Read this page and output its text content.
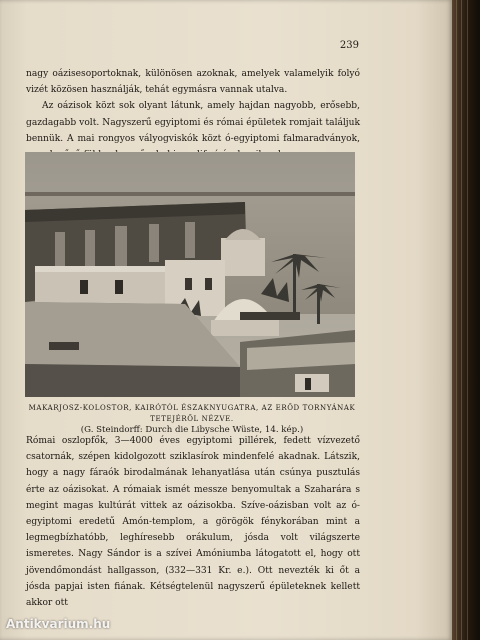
239

nagy oázisesoportoknak, különösen azoknak, amelyek valamelyik folyó vizét közösen használják, tehát egymásra vannak utalva.

Az oázisok közt sok olyant látunk, amely hajdan nagyobb, erősebb, gazdagabb volt. Nagyszerű egyiptomi és római épületek romjait találjuk bennük. A mai rongyos vályogviskók közt ó-egyiptomi falmaradványok,

MAKARJOSZ-KOLOSTOR, KAIRÓTÓL ÉSZAKNYUGATRA, AZ ERŐD TORNYÁNAK
TETEJÉRŐL NÉZVE.
(G. Steindorff: Durch die Libysche Wüste, 14. kép.)

Római oszlopfők, 3—4000 éves egyiptomi pillérek, fedett vízvezető csatornák, szépen kidolgozott sziklasírok mindenfelé akadnak. Látszik, hogy a nagy fáraók birodalmának lehanyatlása után csúnya pusztulás érte az oázisokat. A rómaiak ismét messze benyomultak a Szaharára s megint magas kultúrát vittek az oázisokba. Szíve-oázisban volt az ó-egyiptomi eredetű Amón-templom, a görögök fénykorában mint a legmegbízhatóbb, leghíresebb orákulum, jósda volt világszerte ismeretes. Nagy Sándor is a szívei Amóniumba látogatott el, hogy ott jövendőmondást hallgasson, (332—331 Kr. e.). Ott nevezték ki őt a jósda papjai isten fiának. Kétségtelenül nagyszerű épületeknek kellett akkor ott

Antikvarium.hu
